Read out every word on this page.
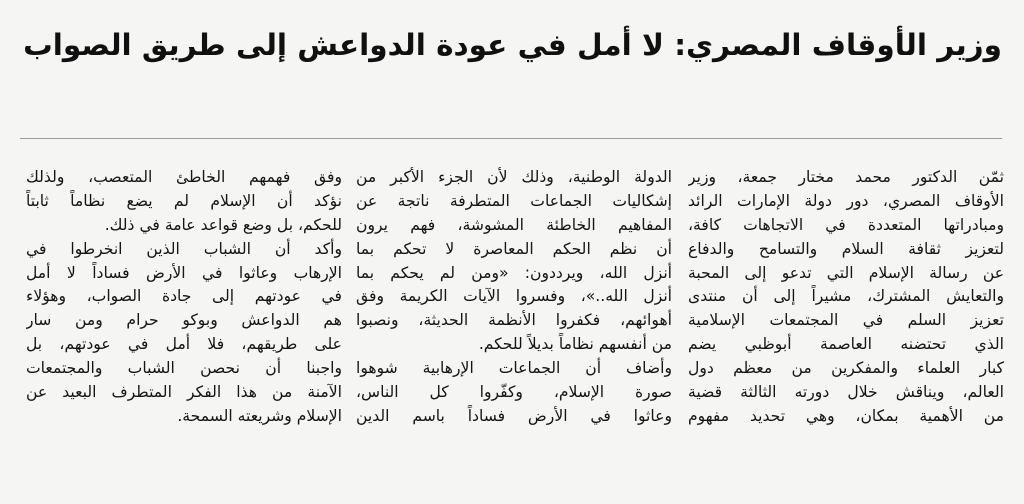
وزير الأوقاف المصري: لا أمل في عودة الدواعش إلى طريق الصواب
ثمّن الدكتور محمد مختار جمعة، وزير
الأوقاف المصري، دور دولة الإمارات الرائد
ومبادراتها المتعددة في الاتجاهات كافة،
لتعزيز ثقافة السلام والتسامح والدفاع
عن رسالة الإسلام التي تدعو إلى المحبة
والتعايش المشترك، مشيراً إلى أن منتدى
تعزيز السلم في المجتمعات الإسلامية
الذي تحتضنه العاصمة أبوظبي يضم
كبار العلماء والمفكرين من معظم دول
العالم، ويناقش خلال دورته الثالثة قضية
من الأهمية بمكان، وهي تحديد مفهوم
الدولة الوطنية، وذلك لأن الجزء الأكبر من
إشكاليات الجماعات المتطرفة ناتجة عن
المفاهيم الخاطئة المشوشة، فهم يرون
أن نظم الحكم المعاصرة لا تحكم بما
أنزل الله، ويرددون: «ومن لم يحكم بما
أنزل الله..»، وفسروا الآيات الكريمة وفق
أهوائهم، فكفروا الأنظمة الحديثة، ونصبوا
من أنفسهم نظاماً بديلاً للحكم.
وأضاف أن الجماعات الإرهابية شوهوا
صورة الإسلام، وكفّروا كل الناس،
وعاثوا في الأرض فساداً باسم الدين
وفق فهمهم الخاطئ المتعصب، ولذلك
نؤكد أن الإسلام لم يضع نظاماً ثابتاً
للحكم، بل وضع قواعد عامة في ذلك.
وأكد أن الشباب الذين انخرطوا في
الإرهاب وعاثوا في الأرض فساداً لا أمل
في عودتهم إلى جادة الصواب، وهؤلاء
هم الدواعش وبوكو حرام ومن سار
على طريقهم، فلا أمل في عودتهم، بل
واجبنا أن نحصن الشباب والمجتمعات
الآمنة من هذا الفكر المتطرف البعيد عن
الإسلام وشريعته السمحة.
